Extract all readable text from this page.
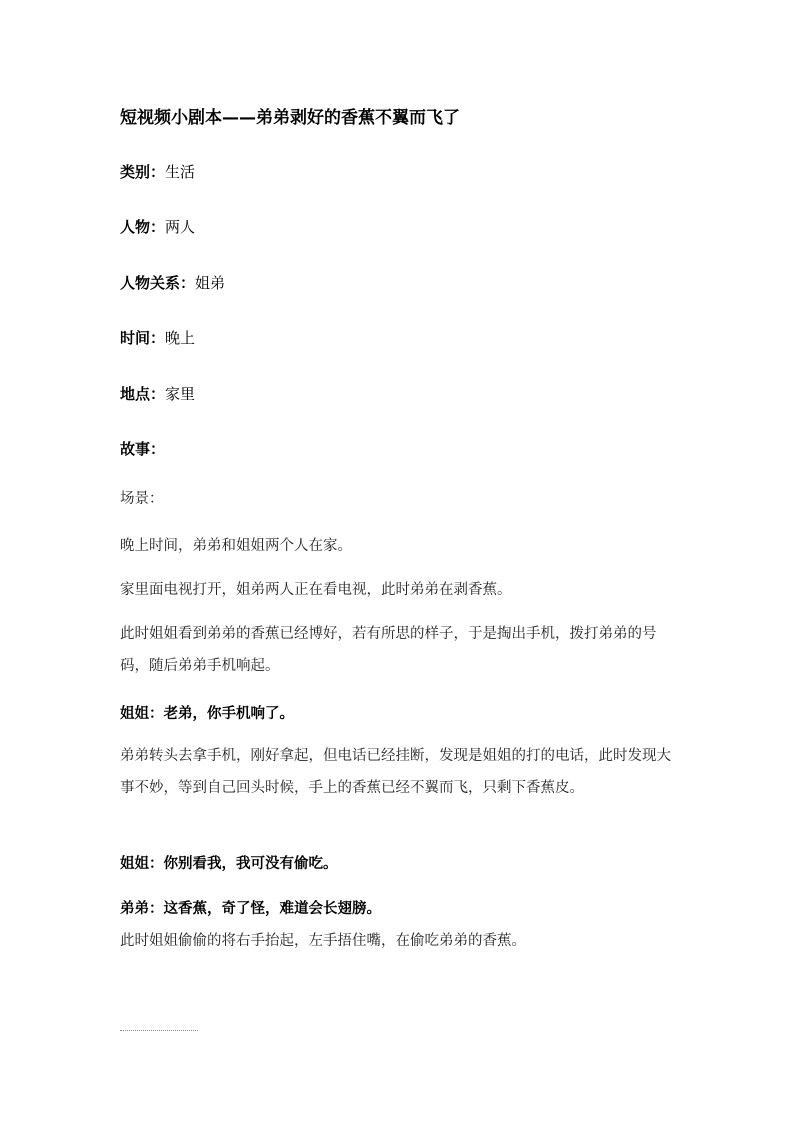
短视频小剧本——弟弟剥好的香蕉不翼而飞了
类别：生活
人物：两人
人物关系：姐弟
时间：晚上
地点：家里
故事：
场景：
晚上时间，弟弟和姐姐两个人在家。
家里面电视打开，姐弟两人正在看电视，此时弟弟在剥香蕉。
此时姐姐看到弟弟的香蕉已经博好，若有所思的样子，于是掏出手机，拨打弟弟的号码，随后弟弟手机响起。
姐姐：老弟，你手机响了。
弟弟转头去拿手机，刚好拿起，但电话已经挂断，发现是姐姐的打的电话，此时发现大事不妙，等到自己回头时候，手上的香蕉已经不翼而飞，只剩下香蕉皮。
姐姐：你别看我，我可没有偷吃。
弟弟：这香蕉，奇了怪，难道会长翅膀。
此时姐姐偷偷的将右手抬起，左手捂住嘴，在偷吃弟弟的香蕉。
